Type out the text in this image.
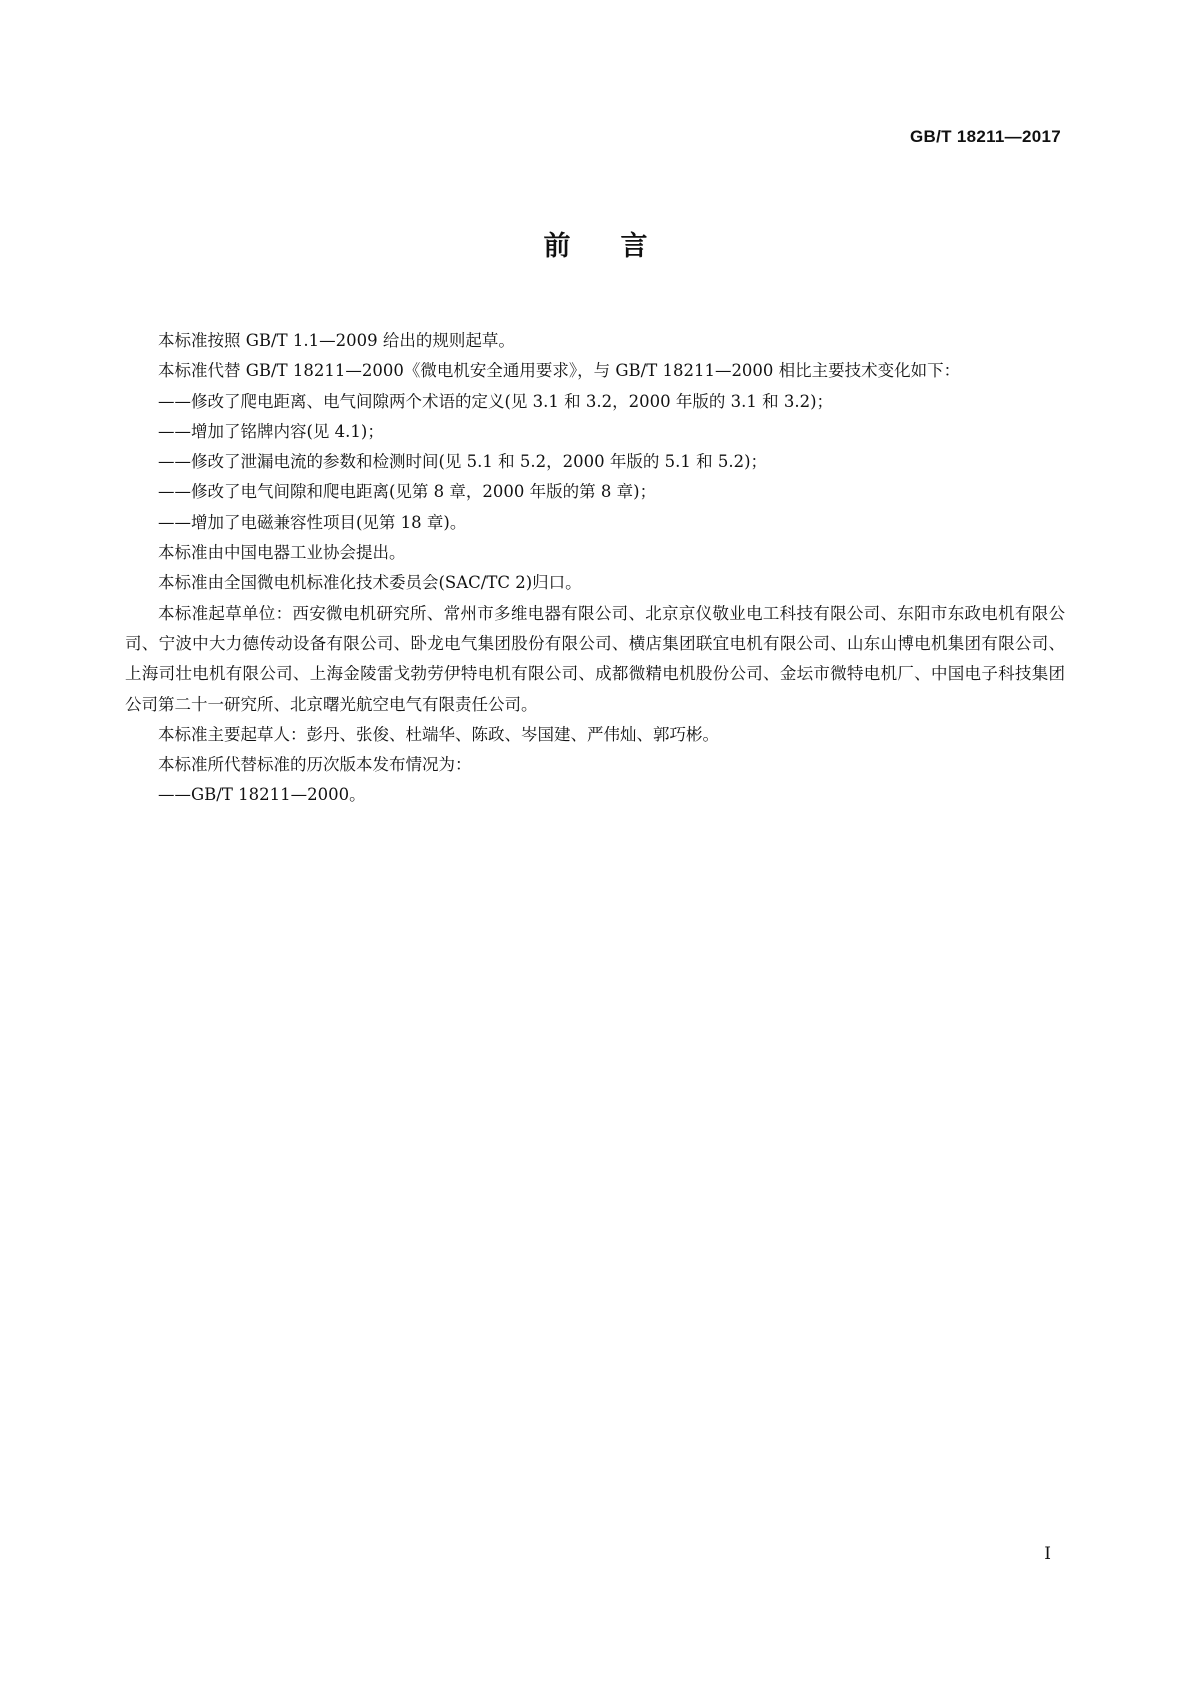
GB/T 18211—2017

前 言

本标准按照 GB/T 1.1—2009 给出的规则起草。

本标准代替 GB/T 18211—2000《微电机安全通用要求》，与 GB/T 18211—2000 相比主要技术变化如下：

——修改了爬电距离、电气间隙两个术语的定义(见 3.1 和 3.2，2000 年版的 3.1 和 3.2)；

——增加了铭牌内容(见 4.1)；

——修改了泄漏电流的参数和检测时间(见 5.1 和 5.2，2000 年版的 5.1 和 5.2)；

——修改了电气间隙和爬电距离(见第 8 章，2000 年版的第 8 章)；

——增加了电磁兼容性项目(见第 18 章)。

本标准由中国电器工业协会提出。

本标准由全国微电机标准化技术委员会(SAC/TC 2)归口。

本标准起草单位：西安微电机研究所、常州市多维电器有限公司、北京京仪敬业电工科技有限公司、东阳市东政电机有限公司、宁波中大力德传动设备有限公司、卧龙电气集团股份有限公司、横店集团联宜电机有限公司、山东山博电机集团有限公司、上海司壮电机有限公司、上海金陵雷戈勃劳伊特电机有限公司、成都微精电机股份公司、金坛市微特电机厂、中国电子科技集团公司第二十一研究所、北京曙光航空电气有限责任公司。

本标准主要起草人：彭丹、张俊、杜端华、陈政、岑国建、严伟灿、郭巧彬。

本标准所代替标准的历次版本发布情况为：

——GB/T 18211—2000。

I
